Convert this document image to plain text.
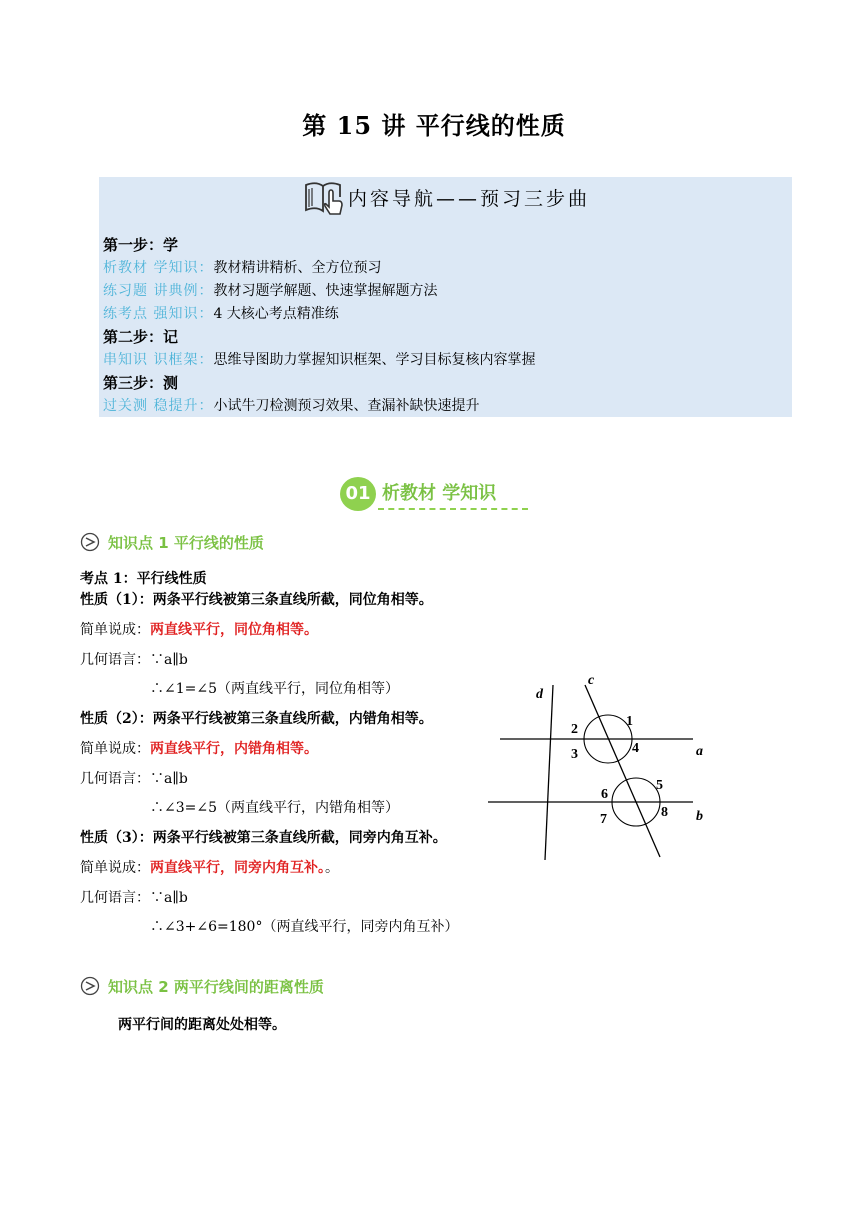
第 15 讲 平行线的性质
内容导航——预习三步曲
第一步：学
析教材 学知识：教材精讲精析、全方位预习
练习题 讲典例：教材习题学解题、快速掌握解题方法
练考点 强知识：4 大核心考点精准练
第二步：记
串知识 识框架：思维导图助力掌握知识框架、学习目标复核内容掌握
第三步：测
过关测 稳提升：小试牛刀检测预习效果、查漏补缺快速提升
01 析教材 学知识
知识点 1 平行线的性质
考点 1：平行线性质
性质（1）：两条平行线被第三条直线所截，同位角相等。
简单说成：两直线平行，同位角相等。
几何语言：∵a∥b
∴∠1=∠5（两直线平行，同位角相等）
性质（2）：两条平行线被第三条直线所截，内错角相等。
简单说成：两直线平行，内错角相等。
几何语言：∵a∥b
∴∠3=∠5（两直线平行，内错角相等）
性质（3）：两条平行线被第三条直线所截，同旁内角互补。
简单说成：两直线平行，同旁内角互补。。
几何语言：∵a∥b
∴∠3+∠6=180°（两直线平行，同旁内角互补）
c
d
a
b
1
2
3	4
5
6
7	8
知识点 2 两平行线间的距离性质
两平行间的距离处处相等。
